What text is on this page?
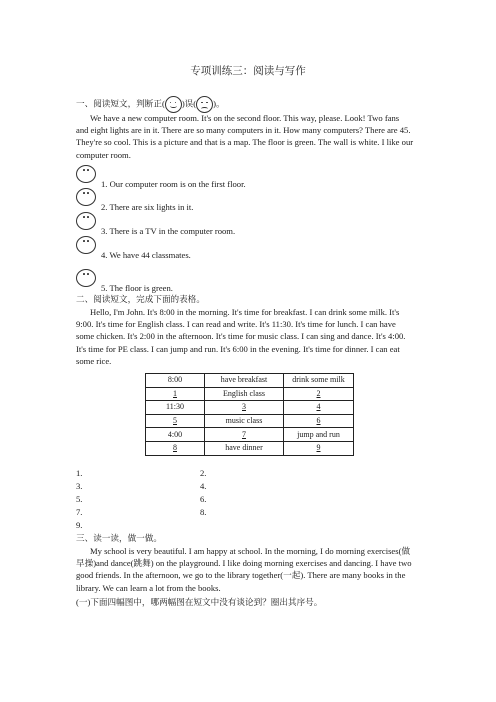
专项训练三：阅读与写作
一、阅读短文，判断正( )误( )。
We have a new computer room. It's on the second floor. This way, please. Look! Two fans
and eight lights are in it. There are so many computers in it. How many computers? There are 45.
They're so cool. This is a picture and that is a map. The floor is green. The wall is white. I like our
computer room.
1. Our computer room is on the first floor.
2. There are six lights in it.
3. There is a TV in the computer room.
4. We have 44 classmates.
5. The floor is green.
二、阅读短文，完成下面的表格。
Hello, I'm John. It's 8:00 in the morning. It's time for breakfast. I can drink some milk. It's
9:00. It's time for English class. I can read and write. It's 11:30. It's time for lunch. I can have
some chicken. It's 2:00 in the afternoon. It's time for music class. I can sing and dance. It's 4:00.
It's time for PE class. I can jump and run. It's 6:00 in the evening. It's time for dinner. I can eat
some rice.
8:00	have breakfast	drink some milk
1	English class	2
11:30	3	4
5	music class	6
4:00	7	jump and run
8	have dinner	9
1.	2.
3.	4.
5.	6.
7.	8.
9.
三、读一读，做一做。
My school is very beautiful. I am happy at school. In the morning, I do morning exercises(做
早操)and dance(跳舞) on the playground. I like doing morning exercises and dancing. I have two
good friends. In the afternoon, we go to the library together(一起). There are many books in the
library. We can learn a lot from the books.
(一)下面四幅图中，哪两幅图在短文中没有谈论到？圈出其序号。
